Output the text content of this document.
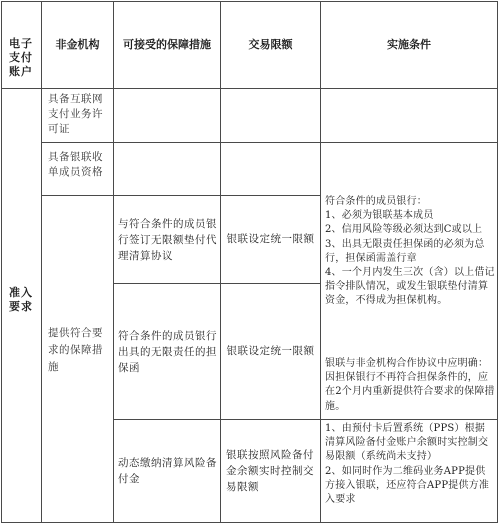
电子支付账户
非金机构 可接受的保障措施	交易限额	实施条件
准入要求
具备互联网支付业务许可证
具备银联收单成员资格
提供符合要求的保障措施
与符合条件的成员银行签订无限额垫付代理清算协议
符合条件的成员银行出具的无限责任的担保函
动态缴纳清算风险备付金
银联设定统一限额
银联设定统一限额
银联按照风险备付金余额实时控制交易限额
符合条件的成员银行：
1、必须为银联基本成员
2、信用风险等级必须达到C或以上
3、出具无限责任担保函的必须为总行，担保函需盖行章
4、一个月内发生三次（含）以上借记指令排队情况，或发生银联垫付清算资金，不得成为担保机构。
银联与非金机构合作协议中应明确：因担保银行不再符合担保条件的，应在2个月内重新提供符合要求的保障措施。
1、由预付卡后置系统（PPS）根据清算风险备付金账户余额时实控制交易限额（系统尚未支持）
2、如同时作为二维码业务APP提供方接入银联，还应符合APP提供方准入要求
